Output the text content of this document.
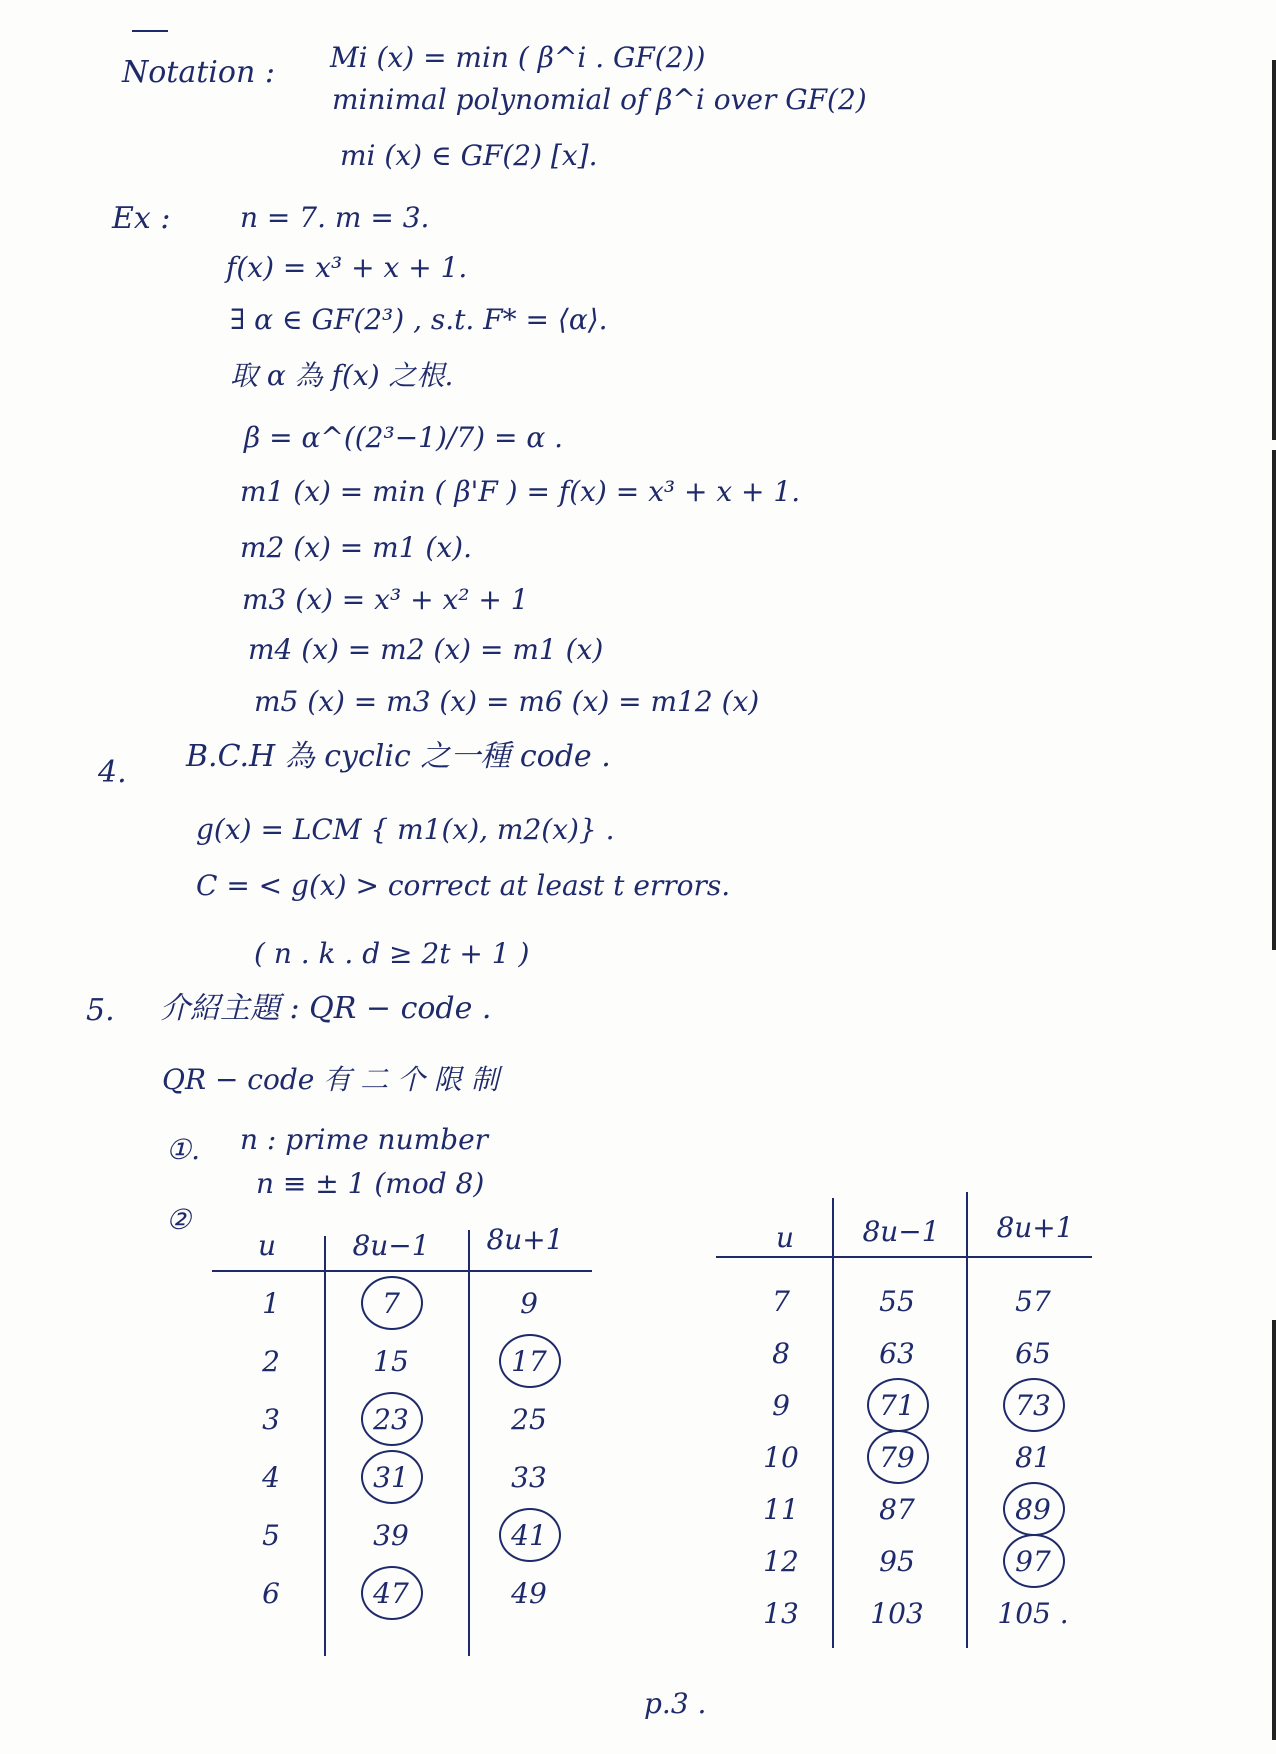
Notation : Mi (x) = min ( β^i . GF(2))
minimal polynomial of β^i over GF(2)
mi (x) ∈ GF(2) [x].
Ex : n = 7. m = 3.
f(x) = x³ + x + 1.
∃ α ∈ GF(2³) , s.t. F* = ⟨α⟩.
取 α 為 f(x) 之根.
β = α^((2³−1)/7) = α .
m1 (x) = min ( β'F ) = f(x) = x³ + x + 1.
m2 (x) = m1 (x).
m3 (x) = x³ + x² + 1
m4 (x) = m2 (x) = m1 (x)
m5 (x) = m3 (x) = m6 (x) = m12 (x)
4. B.C.H 為 cyclic 之一種 code .
g(x) = LCM { m1(x), m2(x)} .
C = < g(x) > correct at least t errors.
( n . k . d ≥ 2t + 1 )
5. 介紹主題 : QR − code .
QR − code 有 二 个 限 制
①. n : prime number
②
n ≡ ± 1 (mod 8)
u	8u−1	8u+1
1	7	9
2	15	17
3	23	25
4	31	33
5	39	41
6	47	49
u	8u−1	8u+1
7	55	57
8	63	65
9	71	73
10	79	81
11	87	89
12	95	97
13	103	105 .
p.3 .
